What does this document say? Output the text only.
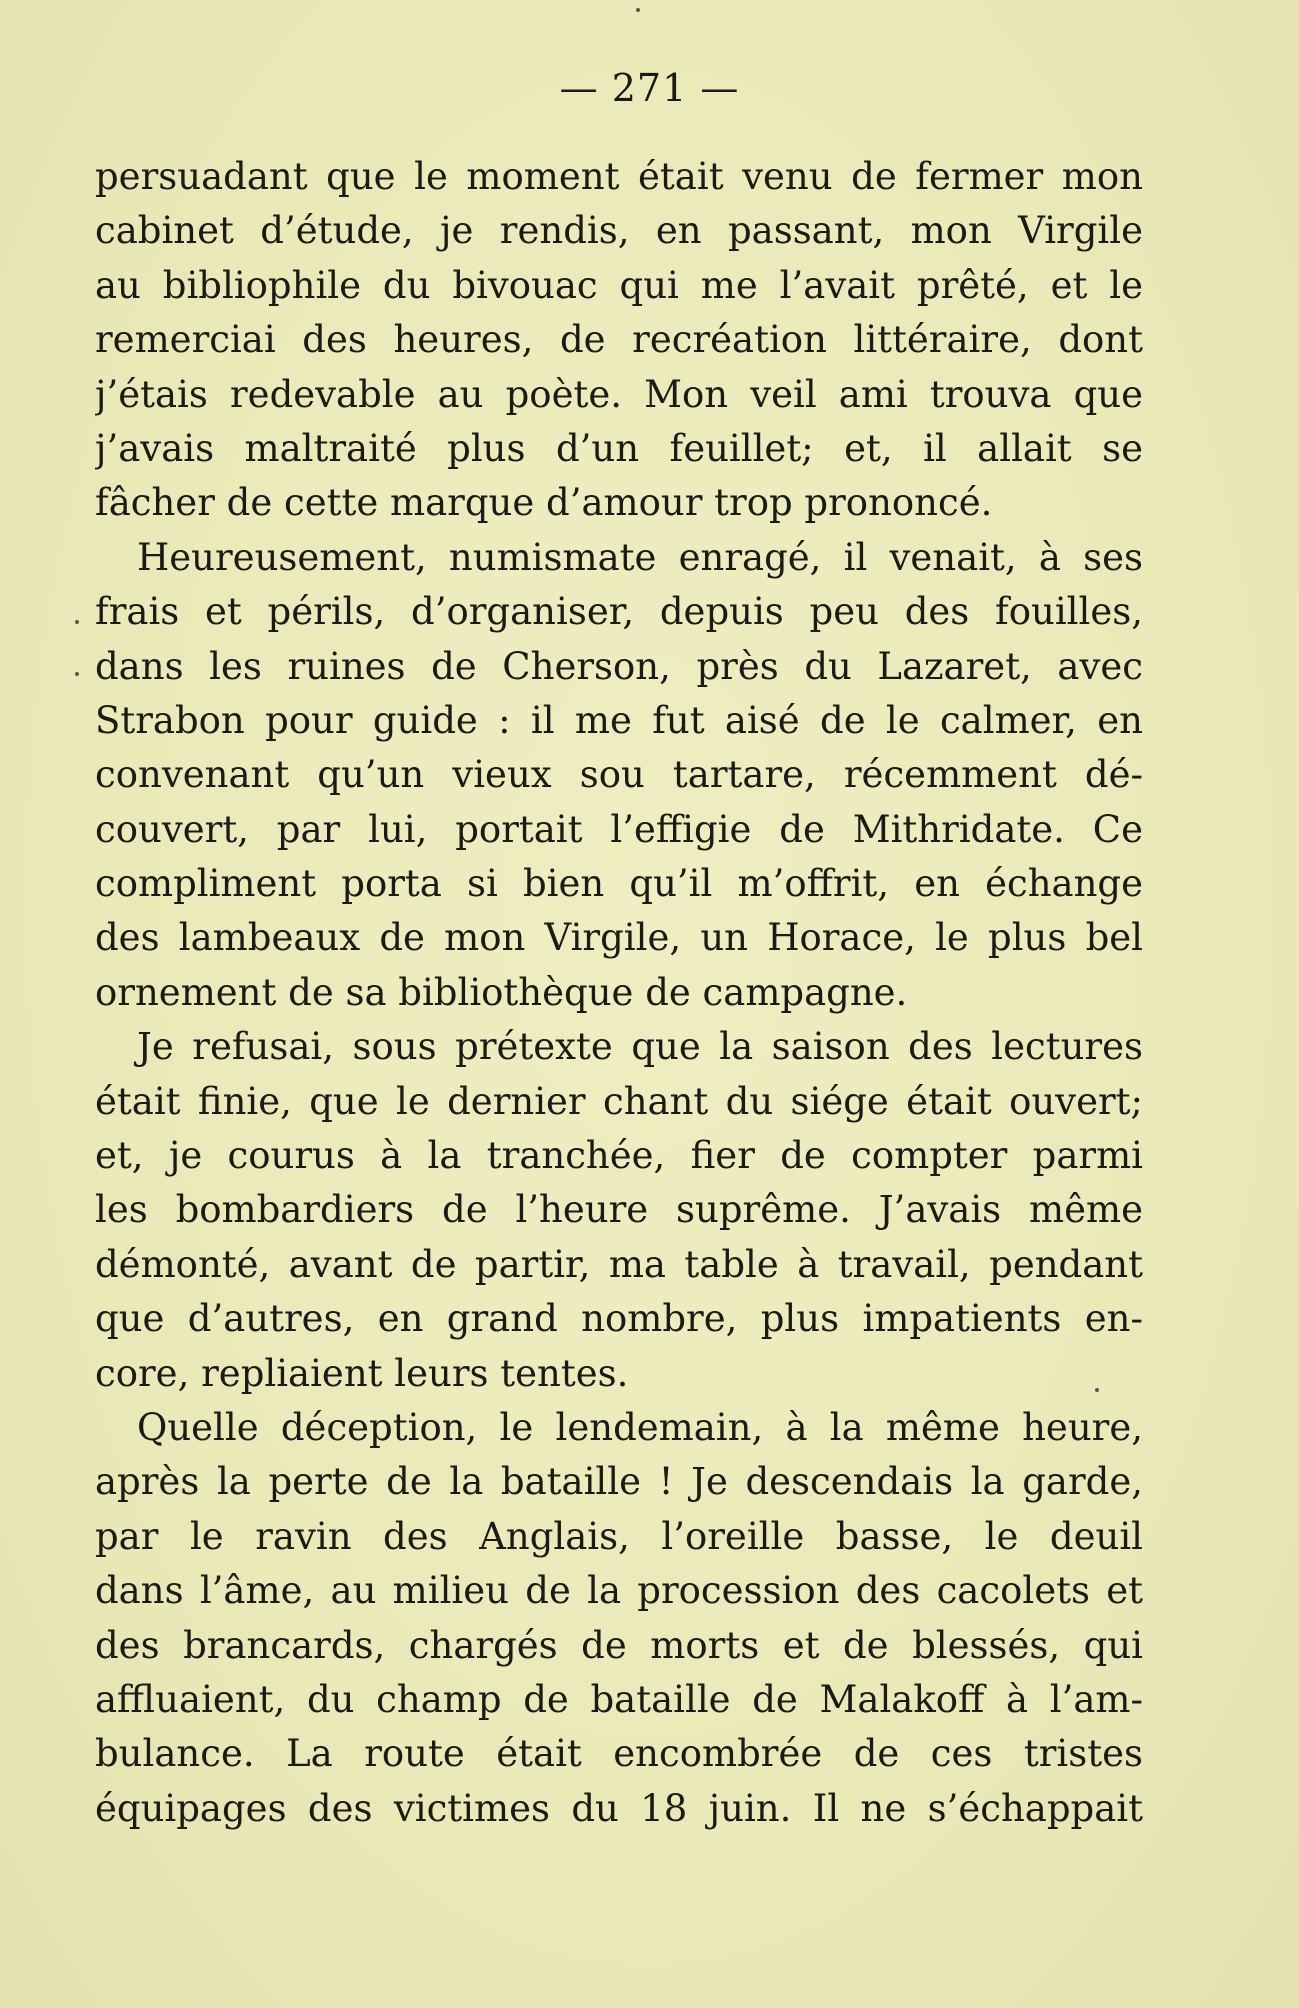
— 271 —
persuadant que le moment était venu de fermer mon
cabinet d’étude, je rendis, en passant, mon Virgile
au bibliophile du bivouac qui me l’avait prêté, et le
remerciai des heures, de recréation littéraire, dont
j’étais redevable au poète. Mon veil ami trouva que
j’avais maltraité plus d’un feuillet; et, il allait se
fâcher de cette marque d’amour trop prononcé.
Heureusement, numismate enragé, il venait, à ses
frais et périls, d’organiser, depuis peu des fouilles,
dans les ruines de Cherson, près du Lazaret, avec
Strabon pour guide : il me fut aisé de le calmer, en
convenant qu’un vieux sou tartare, récemment dé-
couvert, par lui, portait l’effigie de Mithridate. Ce
compliment porta si bien qu’il m’offrit, en échange
des lambeaux de mon Virgile, un Horace, le plus bel
ornement de sa bibliothèque de campagne.
Je refusai, sous prétexte que la saison des lectures
était finie, que le dernier chant du siége était ouvert;
et, je courus à la tranchée, fier de compter parmi
les bombardiers de l’heure suprême. J’avais même
démonté, avant de partir, ma table à travail, pendant
que d’autres, en grand nombre, plus impatients en-
core, repliaient leurs tentes.
Quelle déception, le lendemain, à la même heure,
après la perte de la bataille ! Je descendais la garde,
par le ravin des Anglais, l’oreille basse, le deuil
dans l’âme, au milieu de la procession des cacolets et
des brancards, chargés de morts et de blessés, qui
affluaient, du champ de bataille de Malakoff à l’am-
bulance. La route était encombrée de ces tristes
équipages des victimes du 18 juin. Il ne s’échappait
